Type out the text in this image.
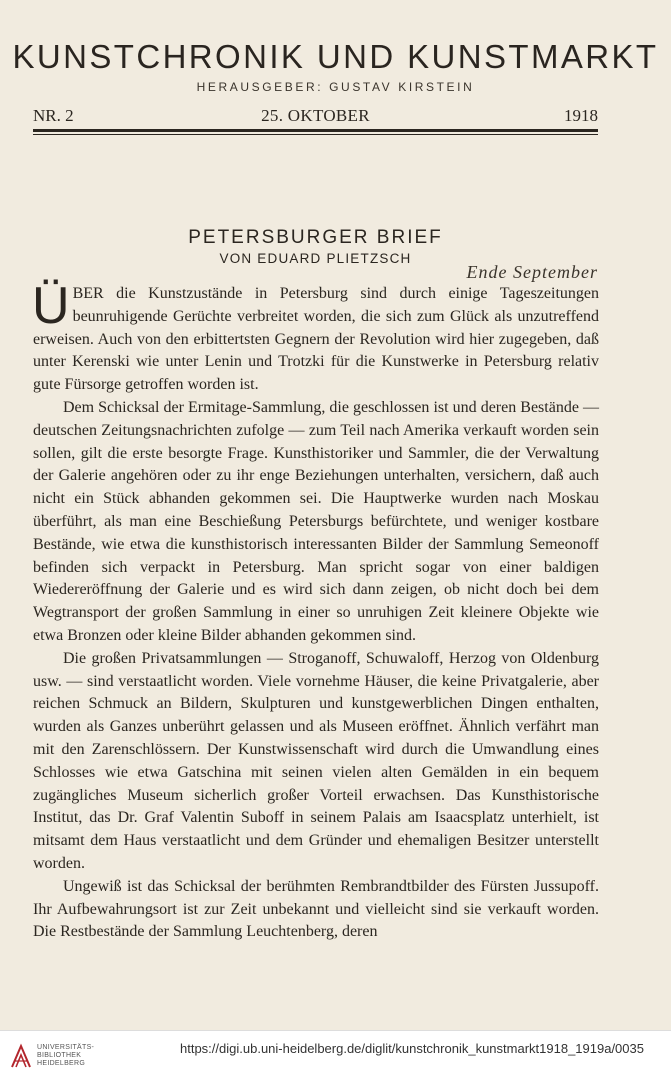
KUNSTCHRONIK UND KUNSTMARKT
HERAUSGEBER: GUSTAV KIRSTEIN
25. OKTOBER
NR. 2	1918
PETERSBURGER BRIEF
VON EDUARD PLIETZSCH
Ende September

ÜBER die Kunstzustände in Petersburg sind durch einige Tageszeitungen beunruhigende Gerüchte verbreitet worden, die sich zum Glück als unzutreffend erweisen. Auch von den erbittertsten Gegnern der Revolution wird hier zugegeben, daß unter Kerenski wie unter Lenin und Trotzki für die Kunstwerke in Petersburg relativ gute Fürsorge getroffen worden ist.

Dem Schicksal der Ermitage-Sammlung, die geschlossen ist und deren Bestände — deutschen Zeitungsnachrichten zufolge — zum Teil nach Amerika verkauft worden sein sollen, gilt die erste besorgte Frage. Kunsthistoriker und Sammler, die der Verwaltung der Galerie angehören oder zu ihr enge Beziehungen unterhalten, versichern, daß auch nicht ein Stück abhanden gekommen sei. Die Hauptwerke wurden nach Moskau überführt, als man eine Beschießung Petersburgs befürchtete, und weniger kostbare Bestände, wie etwa die kunsthistorisch interessanten Bilder der Sammlung Semeonoff befinden sich verpackt in Petersburg. Man spricht sogar von einer baldigen Wiedereröffnung der Galerie und es wird sich dann zeigen, ob nicht doch bei dem Wegtransport der großen Sammlung in einer so unruhigen Zeit kleinere Objekte wie etwa Bronzen oder kleine Bilder abhanden gekommen sind.

Die großen Privatsammlungen — Stroganoff, Schuwaloff, Herzog von Oldenburg usw. — sind verstaatlicht worden. Viele vornehme Häuser, die keine Privatgalerie, aber reichen Schmuck an Bildern, Skulpturen und kunstgewerblichen Dingen enthalten, wurden als Ganzes unberührt gelassen und als Museen eröffnet. Ähnlich verfährt man mit den Zarenschlössern. Der Kunstwissenschaft wird durch die Umwandlung eines Schlosses wie etwa Gatschina mit seinen vielen alten Gemälden in ein bequem zugängliches Museum sicherlich großer Vorteil erwachsen. Das Kunsthistorische Institut, das Dr. Graf Valentin Suboff in seinem Palais am Isaacsplatz unterhielt, ist mitsamt dem Haus verstaatlicht und dem Gründer und ehemaligen Besitzer unterstellt worden.

Ungewiß ist das Schicksal der berühmten Rembrandtbilder des Fürsten Jussupoff. Ihr Aufbewahrungsort ist zur Zeit unbekannt und vielleicht sind sie verkauft worden. Die Restbestände der Sammlung Leuchtenberg, deren

UNIVERSITÄTS-
BIBLIOTHEK
HEIDELBERG
https://digi.ub.uni-heidelberg.de/diglit/kunstchronik_kunstmarkt1918_1919a/0035
